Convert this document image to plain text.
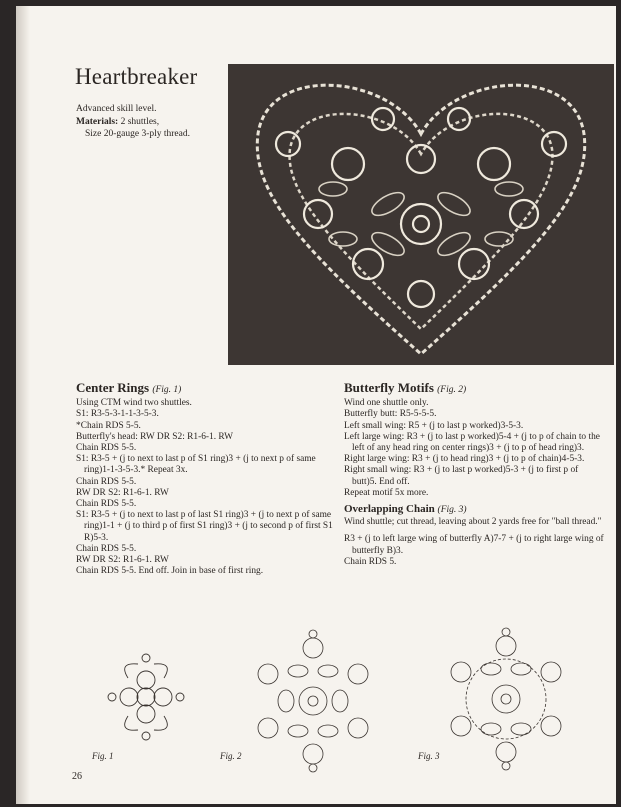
Heartbreaker
Advanced skill level.
Materials: 2 shuttles,
Size 20-gauge 3-ply thread.
Center Rings (Fig. 1)
Using CTM wind two shuttles.
S1: R3-5-3-1-1-3-5-3.
*Chain RDS 5-5.
Butterfly's head: RW DR S2: R1-6-1. RW
Chain RDS 5-5.
S1: R3-5 + (j to next to last p of S1 ring)3 + (j to next p of same ring)1-1-3-5-3.* Repeat 3x.
Chain RDS 5-5.
RW DR S2: R1-6-1. RW
Chain RDS 5-5.
S1: R3-5 + (j to next to last p of last S1 ring)3 + (j to next p of same ring)1-1 + (j to third p of first S1 ring)3 + (j to second p of first S1 R)5-3.
Chain RDS 5-5.
RW DR S2: R1-6-1. RW
Chain RDS 5-5. End off. Join in base of first ring.
Butterfly Motifs (Fig. 2)
Wind one shuttle only.
Butterfly butt: R5-5-5-5.
Left small wing: R5 + (j to last p worked)3-5-3.
Left large wing: R3 + (j to last p worked)5-4 + (j to p of chain to the left of any head ring on center rings)3 + (j to p of head ring)3.
Right large wing: R3 + (j to head ring)3 + (j to p of chain)4-5-3.
Right small wing: R3 + (j to last p worked)5-3 + (j to first p of butt)5. End off.
Repeat motif 5x more.
Overlapping Chain (Fig. 3)
Wind shuttle; cut thread, leaving about 2 yards free for "ball thread."
R3 + (j to left large wing of butterfly A)7-7 + (j to right large wing of butterfly B)3.
Chain RDS 5.
Fig. 1	Fig. 2	Fig. 3
26
